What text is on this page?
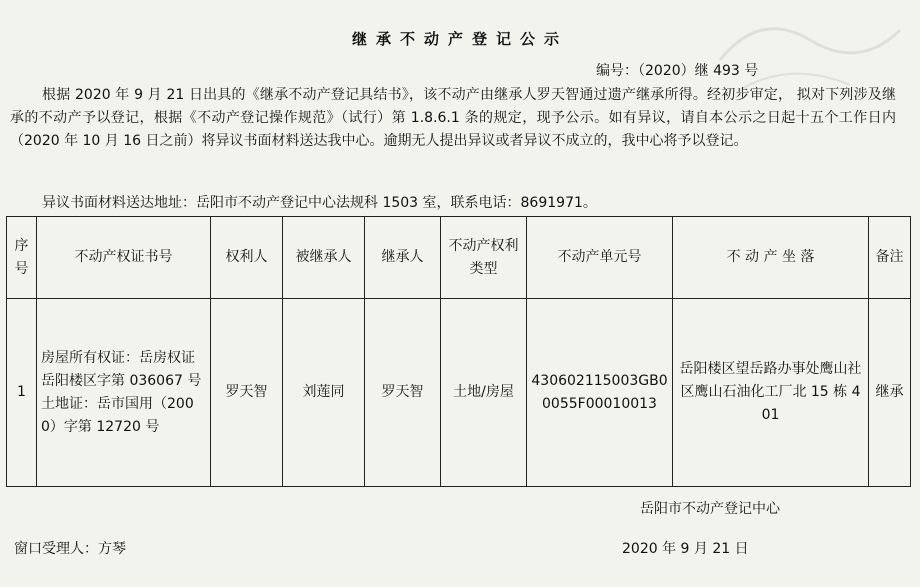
继承不动产登记公示
编号：（2020）继 493 号
根据 2020 年 9 月 21 日出具的《继承不动产登记具结书》，该不动产由继承人罗天智通过遗产继承所得。经初步审定， 拟对下列涉及继承的不动产予以登记，根据《不动产登记操作规范》（试行）第 1.8.6.1 条的规定，现予公示。如有异议，请自本公示之日起十五个工作日内（2020 年 10 月 16 日之前）将异议书面材料送达我中心。逾期无人提出异议或者异议不成立的，我中心将予以登记。
异议书面材料送达地址：岳阳市不动产登记中心法规科 1503 室，联系电话：8691971。
序号	不动产权证书号	权利人	被继承人	继承人	不动产权利类型	不动产单元号	不 动 产 坐 落	备注
1	房屋所有权证：岳房权证岳阳楼区字第 036067 号
土地证：岳市国用（2000）字第 12720 号	罗天智	刘莲同	罗天智	土地/房屋	430602115003GB00055F00010013	岳阳楼区望岳路办事处鹰山社区鹰山石油化工厂北 15 栋 401	继承
岳阳市不动产登记中心
窗口受理人：方琴	2020 年 9 月 21 日
